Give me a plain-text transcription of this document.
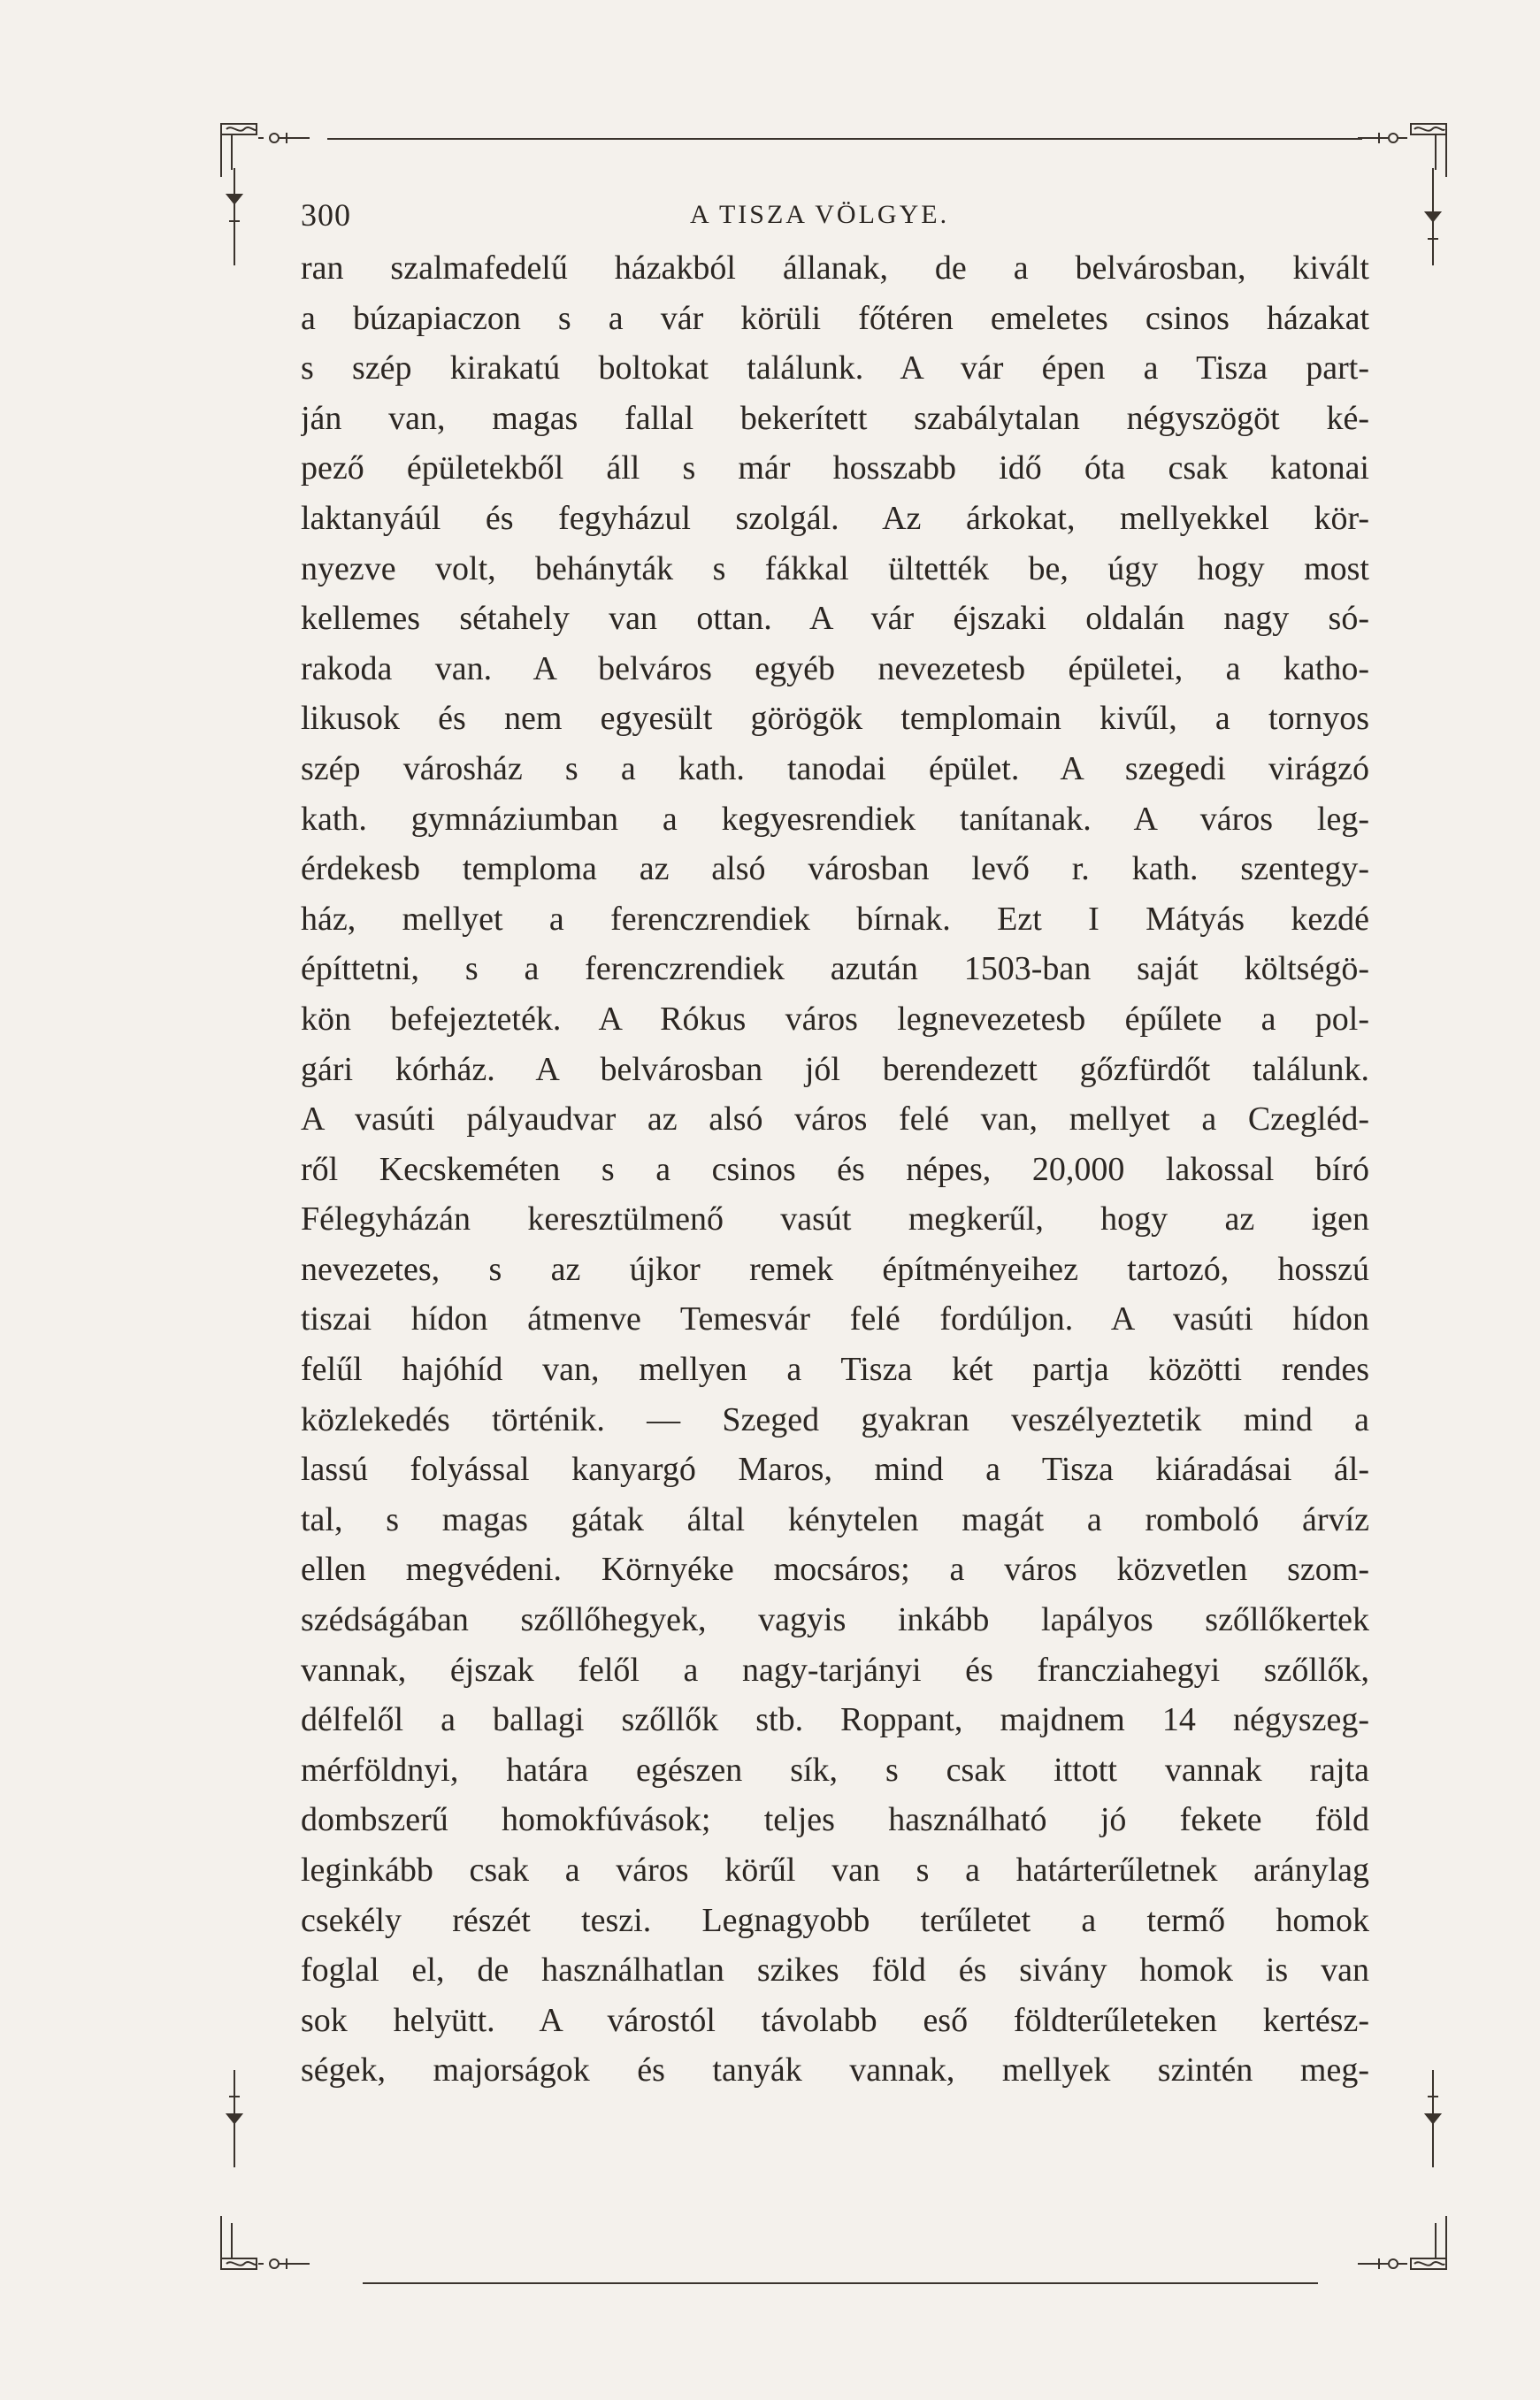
300	A TISZA VÖLGYE.
ran szalmafedelű házakból állanak, de a belvárosban, kivált
a búzapiaczon s a vár körüli főtéren emeletes csinos házakat
s szép kirakatú boltokat találunk. A vár épen a Tisza part-
ján van, magas fallal bekerített szabálytalan négyszögöt ké-
pező épületekből áll s már hosszabb idő óta csak katonai
laktanyáúl és fegyházul szolgál. Az árkokat, mellyekkel kör-
nyezve volt, behányták s fákkal ültették be, úgy hogy most
kellemes sétahely van ottan. A vár éjszaki oldalán nagy só-
rakoda van. A belváros egyéb nevezetesb épületei, a katho-
likusok és nem egyesült görögök templomain kivűl, a tornyos
szép városház s a kath. tanodai épület. A szegedi virágzó
kath. gymnáziumban a kegyesrendiek tanítanak. A város leg-
érdekesb temploma az alsó városban levő r. kath. szentegy-
ház, mellyet a ferenczrendiek bírnak. Ezt I Mátyás kezdé
építtetni, s a ferenczrendiek azután 1503-ban saját költségö-
kön befejezteték. A Rókus város legnevezetesb épűlete a pol-
gári kórház. A belvárosban jól berendezett gőzfürdőt találunk.
A vasúti pályaudvar az alsó város felé van, mellyet a Czegléd-
ről Kecskeméten s a csinos és népes, 20,000 lakossal bíró
Félegyházán keresztülmenő vasút megkerűl, hogy az igen
nevezetes, s az újkor remek építményeihez tartozó, hosszú
tiszai hídon átmenve Temesvár felé fordúljon. A vasúti hídon
felűl hajóhíd van, mellyen a Tisza két partja közötti rendes
közlekedés történik. — Szeged gyakran veszélyeztetik mind a
lassú folyással kanyargó Maros, mind a Tisza kiáradásai ál-
tal, s magas gátak által kénytelen magát a romboló árvíz
ellen megvédeni. Környéke mocsáros; a város közvetlen szom-
szédságában szőllőhegyek, vagyis inkább lapályos szőllőkertek
vannak, éjszak felől a nagy-tarjányi és francziahegyi szőllők,
délfelől a ballagi szőllők stb. Roppant, majdnem 14 négyszeg-
mérföldnyi, határa egészen sík, s csak ittott vannak rajta
dombszerű homokfúvások; teljes használható jó fekete föld
leginkább csak a város körűl van s a határterűletnek aránylag
csekély részét teszi. Legnagyobb terűletet a termő homok
foglal el, de használhatlan szikes föld és sivány homok is van
sok helyütt. A várostól távolabb eső földterűleteken kertész-
ségek, majorságok és tanyák vannak, mellyek szintén meg-
